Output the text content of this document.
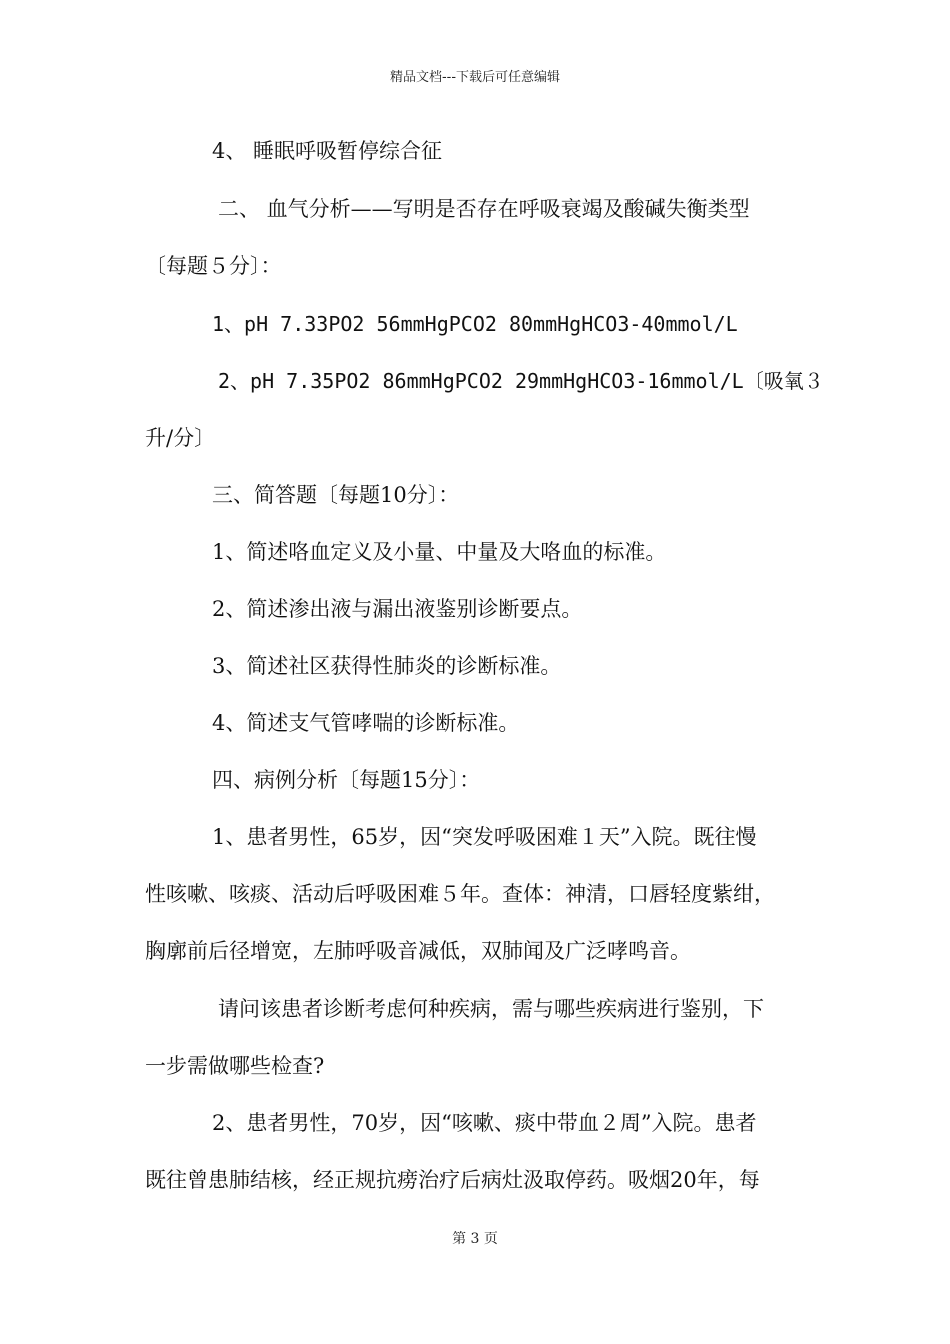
精品文档---下载后可任意编辑
4、 睡眠呼吸暂停综合征
二、 血气分析——写明是否存在呼吸衰竭及酸碱失衡类型
〔每题５分〕：
1、pH 7.33PO2 56mmHgPCO2 80mmHgHCO3-40mmol/L
2、pH 7.35PO2 86mmHgPCO2 29mmHgHCO3-16mmol/L〔吸氧３
升/分〕
三、简答题〔每题10分〕：
1、简述咯血定义及小量、中量及大咯血的标准。
2、简述渗出液与漏出液鉴别诊断要点。
3、简述社区获得性肺炎的诊断标准。
4、简述支气管哮喘的诊断标准。
四、病例分析〔每题15分〕：
1、患者男性，65岁，因“突发呼吸困难１天”入院。既往慢
性咳嗽、咳痰、活动后呼吸困难５年。查体：神清，口唇轻度紫绀，
胸廓前后径增宽，左肺呼吸音减低，双肺闻及广泛哮鸣音。
请问该患者诊断考虑何种疾病，需与哪些疾病进行鉴别，下
一步需做哪些检查?
2、患者男性，70岁，因“咳嗽、痰中带血２周”入院。患者
既往曾患肺结核，经正规抗痨治疗后病灶汲取停药。吸烟20年，每
第 3 页
